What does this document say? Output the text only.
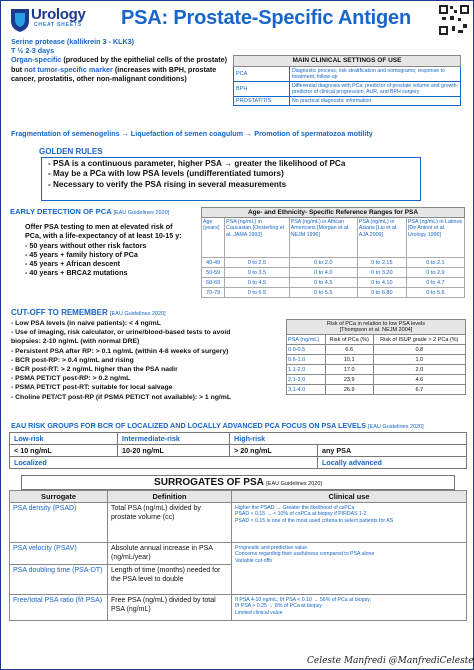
Urology
CHEAT SHEETS PSA: Prostate-Specific Antigen
Serine protease (kallikrein 3 - KLK3)
T ½ 2-3 days
Organ-specific (produced by the epithelial cells of the prostate) but not tumor-specific marker (increases with BPH, prostate cancer, prostatitis, other non-malignant conditions)
MAIN CLINICAL SETTINGS OF USE	
PCA	Diagnostic process; risk stratification and nomograms; response to treatment; follow-up
BPH	Differential diagnosis with PCa; predictor of prostate volume and growth; predictor of clinical progression, AUR, and BPH surgery
PROSTATITIS	No practical diagnostic information
Fragmentation of semenogelins → Liquefaction of semen coagulum → Promotion of spermatozoa motility
GOLDEN RULES
- PSA is a continuous parameter, higher PSA → greater the likelihood of PCa
- May be a PCa with low PSA levels (undifferentiated tumors)
- Necessary to verify the PSA rising in several measurements
EARLY DETECTION OF PCA [EAU Guidelines 2020]
Offer PSA testing to men at elevated risk of
PCa, with a life-expectancy of at least 10-15 y:
- 50 years without other risk factors
- 45 years + family history of PCa
- 45 years + African descent
- 40 years + BRCA2 mutations
Age- and Ethnicity- Specific Reference Ranges for PSA				
Age (years)	PSA (ng/mL) in Caucasian [Oesterling et al. JAMA 1993]	PSA (ng/mL) in African Americans [Morgan et al. NEJM 1996]	PSA (ng/mL) in Asians [Liu et al. AJA 2009]	PSA (ng/mL) in Latinos [De Antoni et al. Urology 1996]
40-49	0 to 2.5	0 to 2.0	0 to 2.15	0 to 2.1
50-59	0 to 3.5	0 to 4.0	0 to 3.20	0 to 2.9
60-69	0 to 4.5	0 to 4.5	0 to 4.10	0 to 4.7
70-79	0 to 6.5	0 to 5.5	0 to 6.80	0 to 5.6
CUT-OFF TO REMEMBER [EAU Guidelines 2020]
- Low PSA levels (in naive patients): < 4 ng/mL
- Use of imaging, risk calculator, or urine/blood-based tests to avoid
biopsies: 2-10 ng/mL (with normal DRE)
- Persistent PSA after RP: > 0.1 ng/mL (within 4-8 weeks of surgery)
- BCR post-RP: > 0.4 ng/mL and rising
- BCR post-RT: > 2 ng/mL higher than the PSA nadir
- PSMA PET/CT post-RP: > 0.2 ng/mL
- PSMA PET/CT post-RT: suitable for local salvage
- Choline PET/CT post-RP (if PSMA PET/CT not available): > 1 ng/mL
Risk of PCa in relation to low PSA levels
[Thompson et al. NEJM 2004]		

PSA (ng/mL)	Risk of PCa (%)	Risk of ISUP grade > 2 PCa (%)
0.0-0.5	6.6	0.8
0.6-1.0	10.1	1.0
1.1-2.0	17.0	2.0
2.1-3.0	23.9	4.6
3.1-4.0	26.9	6.7
EAU RISK GROUPS FOR BCR OF LOCALIZED AND LOCALLY ADVANCED PCA FOCUS ON PSA LEVELS [EAU Guidelines 2020]
Low-risk	Intermediate-risk	High-risk	
< 10 ng/mL	10-20 ng/mL	> 20 ng/mL	any PSA
Localized			Locally advanced
SURROGATES OF PSA [EAU Guidelines 2020]
Surrogate	Definition	Clinical use
PSA density (PSAD)	Total PSA (ng/mL) divided by prostate volume (cc)	Higher the PSAD → Greater the likelihood of csPCa
PSAD < 0.15 → < 10% of csPCa at biopsy if PIRDAS 1-2
PSAD < 0.15 is one of the most used criteria to select patients for AS
PSA velocity (PSAV)	Absolute annual increase in PSA (ng/mL/year)	Prognostic and predictive value
Concerns regarding their usefulness compared to PSA alone
Variable cut-offs
PSA doubling time (PSA-DT)	Length of time (months) needed for the PSA level to double	
Free/total PSA ratio (f/t PSA)	Free PSA (ng/mL) divided by total PSA (ng/mL)	If PSA 4-10 ng/mL; f/t PSA < 0.10 → 56% of PCa at biopsy;
f/t PSA > 0.25 → 8% of PCa at biopsy
Limited clinical value
Celeste Manfredi @ManfrediCeleste
